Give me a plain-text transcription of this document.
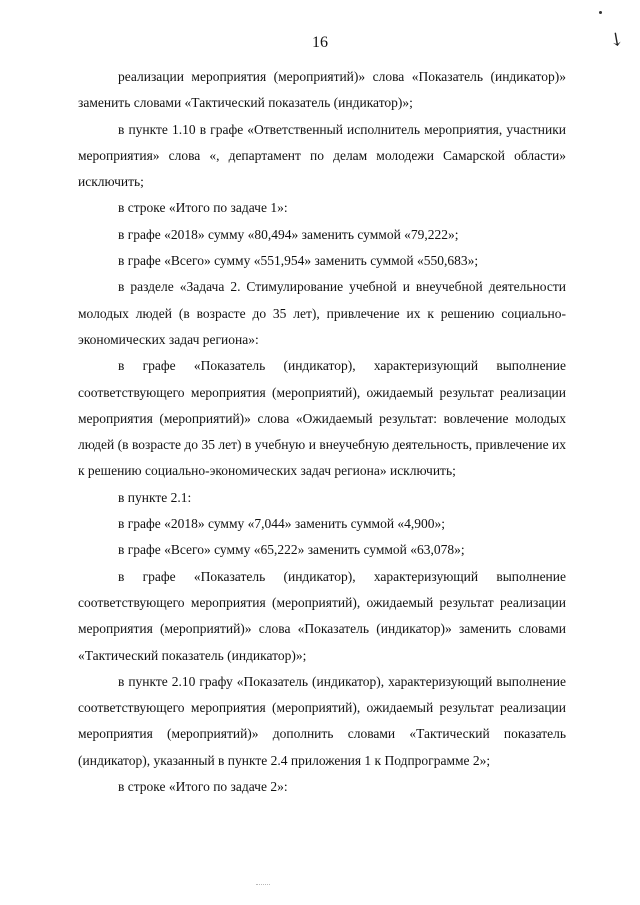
↘
16

реализации мероприятия (мероприятий)» слова «Показатель (индикатор)» заменить словами «Тактический показатель (индикатор)»;

в пункте 1.10 в графе «Ответственный исполнитель мероприятия, участники мероприятия» слова «, департамент по делам молодежи Самарской области» исключить;

в строке «Итого по задаче 1»:

в графе «2018» сумму «80,494» заменить суммой «79,222»;

в графе «Всего» сумму «551,954» заменить суммой «550,683»;

в разделе «Задача 2. Стимулирование учебной и внеучебной деятельности молодых людей (в возрасте до 35 лет), привлечение их к решению социально-экономических задач региона»:

в графе «Показатель (индикатор), характеризующий выполнение соответствующего мероприятия (мероприятий), ожидаемый результат реализации мероприятия (мероприятий)» слова «Ожидаемый результат: вовлечение молодых людей (в возрасте до 35 лет) в учебную и внеучебную деятельность, привлечение их к решению социально-экономических задач региона» исключить;

в пункте 2.1:

в графе «2018» сумму «7,044» заменить суммой «4,900»;

в графе «Всего» сумму «65,222» заменить суммой «63,078»;

в графе «Показатель (индикатор), характеризующий выполнение соответствующего мероприятия (мероприятий), ожидаемый результат реализации мероприятия (мероприятий)» слова «Показатель (индикатор)» заменить словами «Тактический показатель (индикатор)»;

в пункте 2.10 графу «Показатель (индикатор), характеризующий выполнение соответствующего мероприятия (мероприятий), ожидаемый результат реализации мероприятия (мероприятий)» дополнить словами «Тактический показатель (индикатор), указанный в пункте 2.4 приложения 1 к Подпрограмме 2»;

в строке «Итого по задаче 2»:
